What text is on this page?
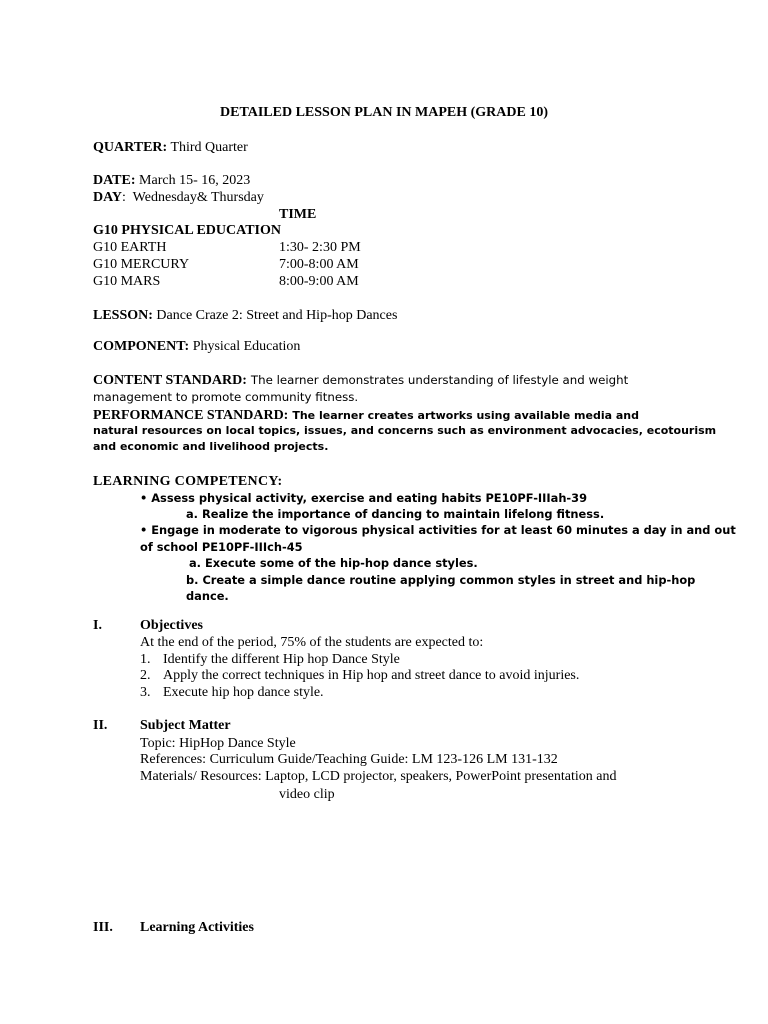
DETAILED LESSON PLAN IN MAPEH (GRADE 10)
QUARTER: Third Quarter
DATE: March 15- 16, 2023
DAY:  Wednesday& Thursday
TIME
G10 PHYSICAL EDUCATION
G10 EARTH	1:30- 2:30 PM
G10 MERCURY	7:00-8:00 AM
G10 MARS	8:00-9:00 AM
LESSON: Dance Craze 2: Street and Hip-hop Dances
COMPONENT: Physical Education
CONTENT STANDARD: The learner demonstrates understanding of lifestyle and weight
management to promote community fitness.
PERFORMANCE STANDARD: The learner creates artworks using available media and
natural resources on local topics, issues, and concerns such as environment advocacies, ecotourism
and economic and livelihood projects.
LEARNING COMPETENCY:
• Assess physical activity, exercise and eating habits PE10PF-IIIah-39
a. Realize the importance of dancing to maintain lifelong fitness.
• Engage in moderate to vigorous physical activities for at least 60 minutes a day in and out
of school PE10PF-IIIch-45
a. Execute some of the hip-hop dance styles.
b. Create a simple dance routine applying common styles in street and hip-hop
dance.
I.	Objectives
At the end of the period, 75% of the students are expected to:
1. Identify the different Hip hop Dance Style
2. Apply the correct techniques in Hip hop and street dance to avoid injuries.
3. Execute hip hop dance style.
II. Subject Matter
Topic: HipHop Dance Style
References: Curriculum Guide/Teaching Guide: LM 123-126 LM 131-132
Materials/ Resources: Laptop, LCD projector, speakers, PowerPoint presentation and
video clip
III. Learning Activities
